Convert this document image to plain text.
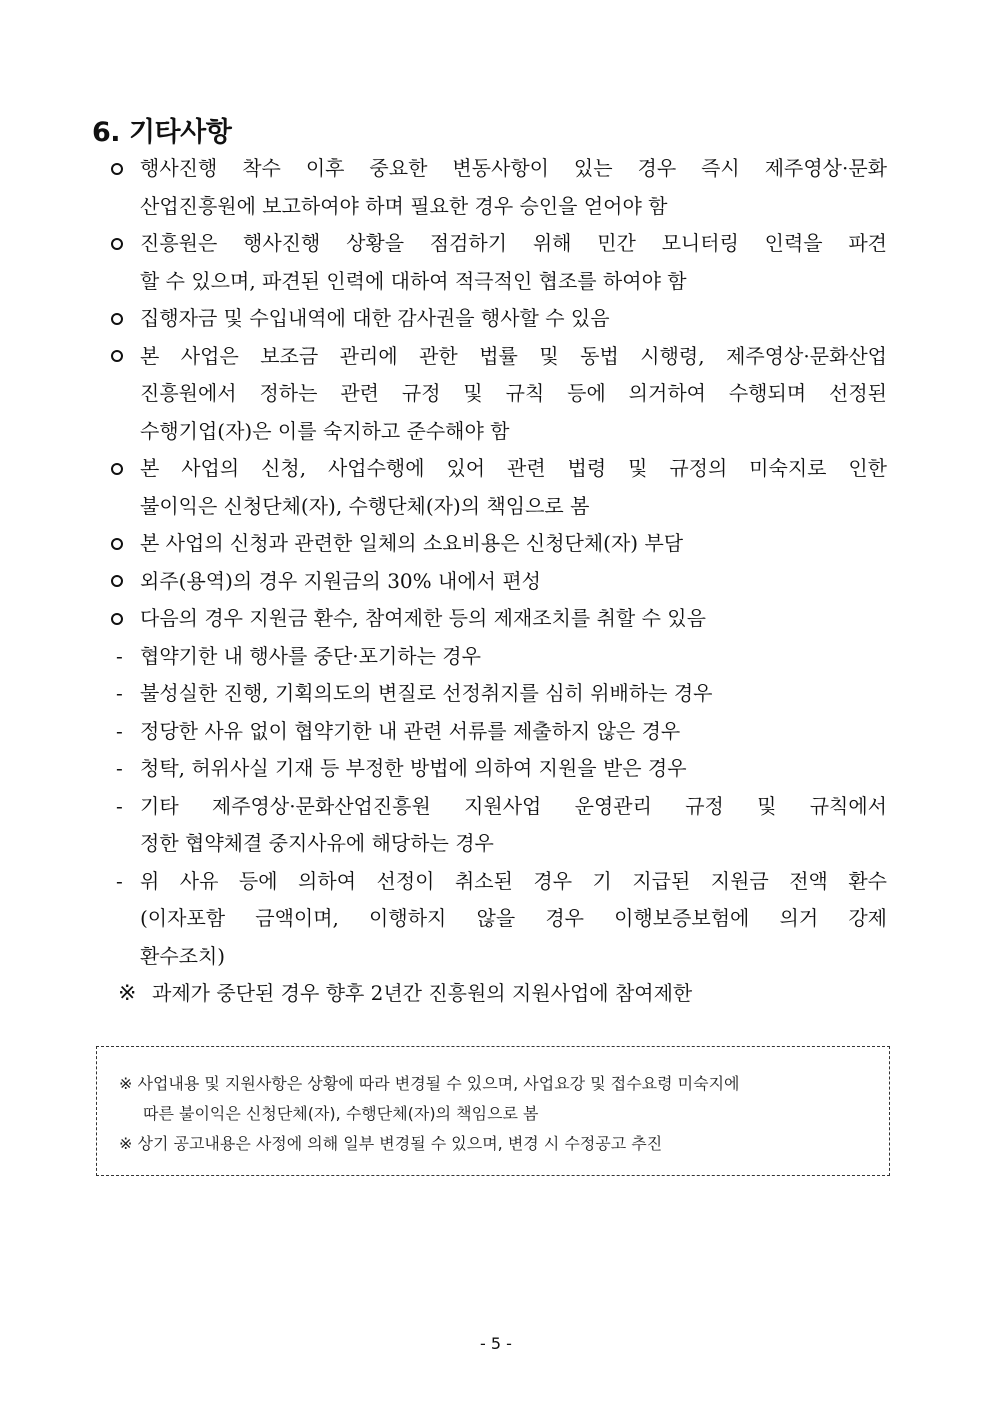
6. 기타사항
행사진행 착수 이후 중요한 변동사항이 있는 경우 즉시 제주영상·문화
산업진흥원에 보고하여야 하며 필요한 경우 승인을 얻어야 함
진흥원은 행사진행 상황을 점검하기 위해 민간 모니터링 인력을 파견
할 수 있으며, 파견된 인력에 대하여 적극적인 협조를 하여야 함
집행자금 및 수입내역에 대한 감사권을 행사할 수 있음
본 사업은 보조금 관리에 관한 법률 및 동법 시행령, 제주영상·문화산업
진흥원에서 정하는 관련 규정 및 규칙 등에 의거하여 수행되며 선정된
수행기업(자)은 이를 숙지하고 준수해야 함
본 사업의 신청, 사업수행에 있어 관련 법령 및 규정의 미숙지로 인한
불이익은 신청단체(자), 수행단체(자)의 책임으로 봄
본 사업의 신청과 관련한 일체의 소요비용은 신청단체(자) 부담
외주(용역)의 경우 지원금의 30% 내에서 편성
다음의 경우 지원금 환수, 참여제한 등의 제재조치를 취할 수 있음
- 협약기한 내 행사를 중단·포기하는 경우
- 불성실한 진행, 기획의도의 변질로 선정취지를 심히 위배하는 경우
- 정당한 사유 없이 협약기한 내 관련 서류를 제출하지 않은 경우
- 청탁, 허위사실 기재 등 부정한 방법에 의하여 지원을 받은 경우
- 기타 제주영상·문화산업진흥원 지원사업 운영관리 규정 및 규칙에서
정한 협약체결 중지사유에 해당하는 경우
- 위 사유 등에 의하여 선정이 취소된 경우 기 지급된 지원금 전액 환수
(이자포함 금액이며, 이행하지 않을 경우 이행보증보험에 의거 강제
환수조치)
※ 과제가 중단된 경우 향후 2년간 진흥원의 지원사업에 참여제한
※ 사업내용 및 지원사항은 상황에 따라 변경될 수 있으며, 사업요강 및 접수요령 미숙지에
따른 불이익은 신청단체(자), 수행단체(자)의 책임으로 봄
※ 상기 공고내용은 사정에 의해 일부 변경될 수 있으며, 변경 시 수정공고 추진
- 5 -
